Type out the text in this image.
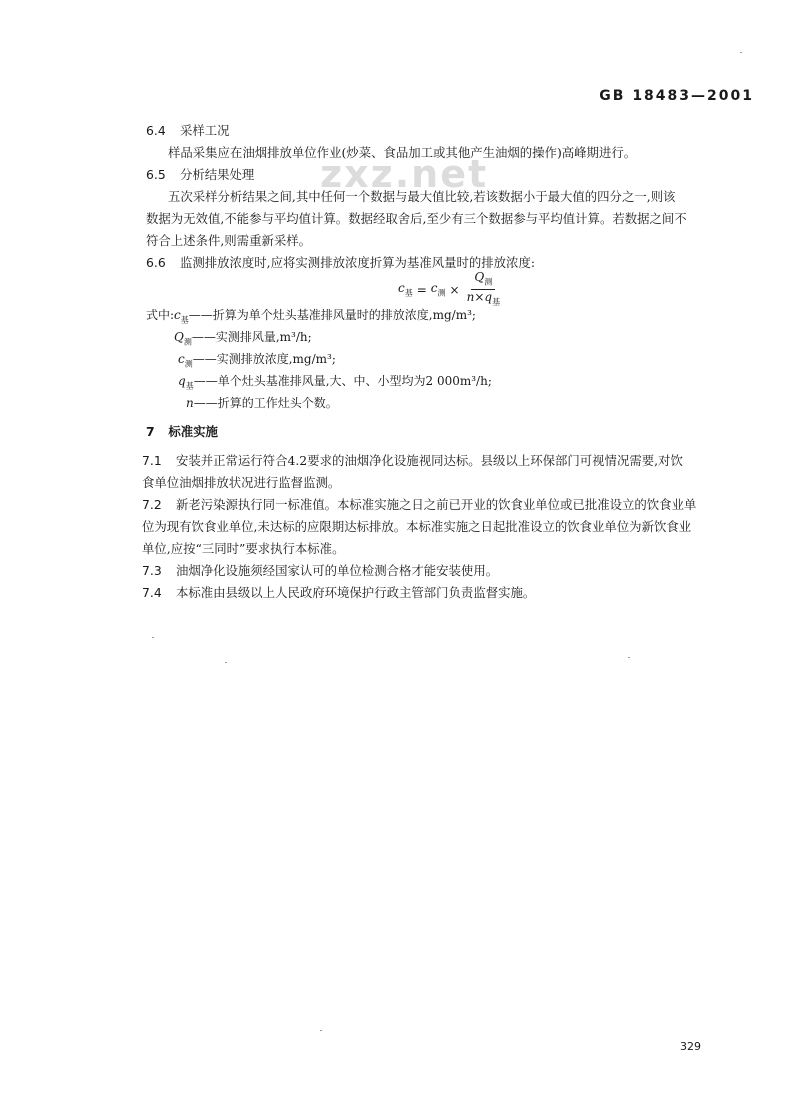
GB 18483—2001
zxz.net
6.4 采样工况
样品采集应在油烟排放单位作业(炒菜、食品加工或其他产生油烟的操作)高峰期进行。
6.5 分析结果处理
五次采样分析结果之间,其中任何一个数据与最大值比较,若该数据小于最大值的四分之一,则该
数据为无效值,不能参与平均值计算。数据经取舍后,至少有三个数据参与平均值计算。若数据之间不
符合上述条件,则需重新采样。
6.6 监测排放浓度时,应将实测排放浓度折算为基准风量时的排放浓度:
$c_基 = c_测 \times \frac{Q_测}{n\times q_基}$
式中$:c_基——$折算为单个灶头基准排风量时的排放浓度,mg/m³;
$Q_测——$实测排风量,m³/h;
$c_测——$实测排放浓度,mg/m³;
$q_基——$单个灶头基准排风量,大、中、小型均为2 000m³/h;
n——折算的工作灶头个数。
7 标准实施
7.1 安装并正常运行符合4.2要求的油烟净化设施视同达标。县级以上环保部门可视情况需要,对饮
食单位油烟排放状况进行监督监测。
7.2 新老污染源执行同一标准值。本标准实施之日之前已开业的饮食业单位或已批准设立的饮食业单
位为现有饮食业单位,未达标的应限期达标排放。本标准实施之日起批准设立的饮食业单位为新饮食业
单位,应按“三同时”要求执行本标准。
7.3 油烟净化设施须经国家认可的单位检测合格才能安装使用。
7.4 本标准由县级以上人民政府环境保护行政主管部门负责监督实施。
329
